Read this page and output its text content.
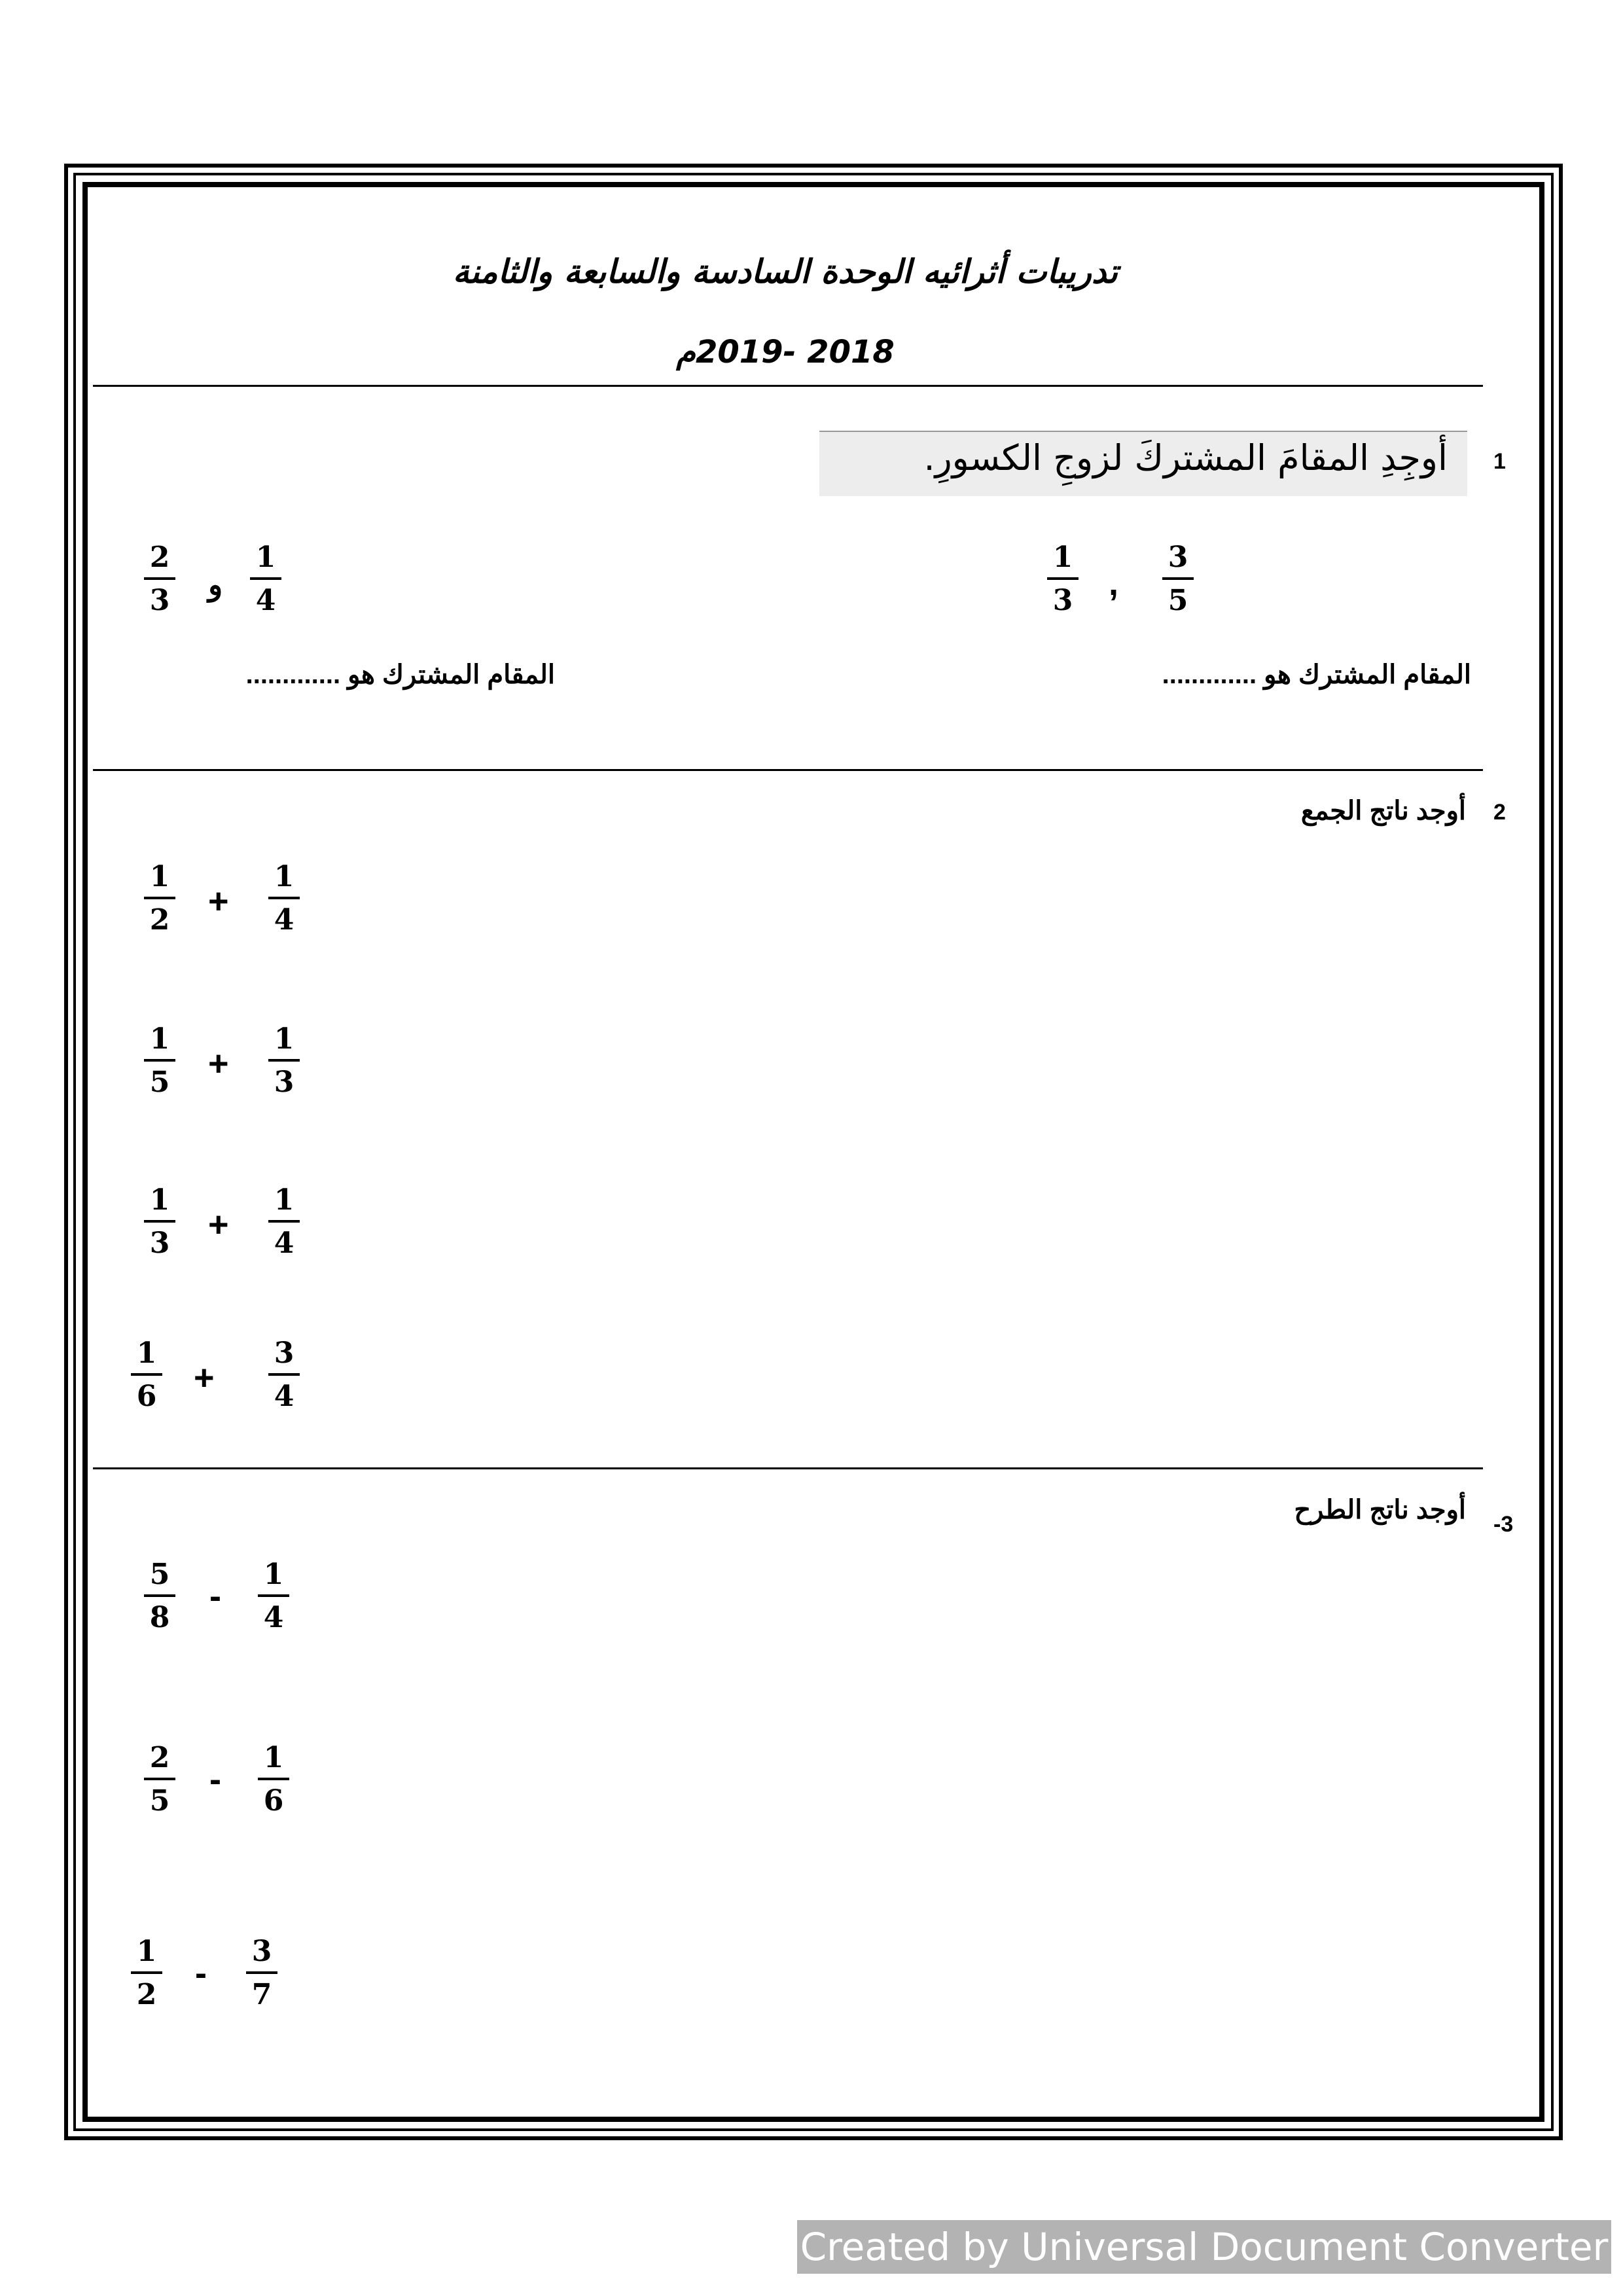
تدريبات أثرائيه الوحدة السادسة والسابعة والثامنة
2018 -2019م
1
أوجِدِ المقامَ المشتركَ لزوجِ الكسورِ.
1
3 ,
3
5
2
3	و
1
4
المقام المشترك هو .............
المقام المشترك هو .............
2
أوجد ناتج الجمع
1
2 +
1
4
1
5 +
1
3
1
3 +
1
4
1
6 +
3
4
-3
أوجد ناتج الطرح
5
8
-
1
4
2
5
-
1
6
1
2
-
3
7
Created by Universal Document Converter
